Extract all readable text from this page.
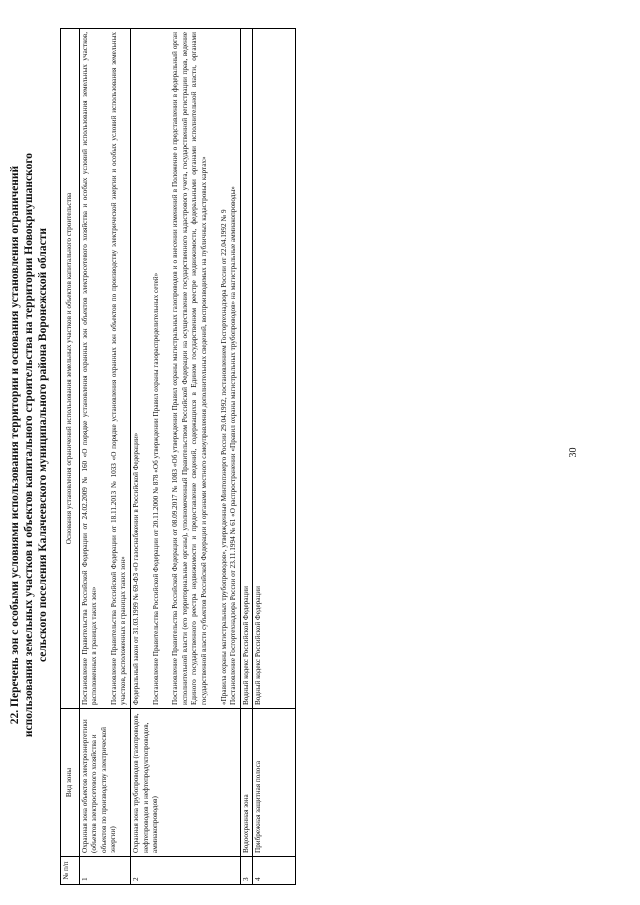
30
22. Перечень зон с особыми условиями использования территории и основания установления ограничений использования земельных участков и объектов капитального строительства на территории Новокриушанского сельского поселения Калачеевского муниципального района Воронежской области
№ п/п	Вид зоны	Основания установления ограничений использования земельных участков и объектов капитального строительства
1	Охранная зона объектов электроэнергетики (объектов электросетевого хозяйства и объектов по производству электрической энергии)	Постановление Правительства Российской Федерации от 24.02.2009 № 160 «О порядке установления охранных зон объектов электросетевого хозяйства и особых условий использования земельных участков, расположенных в границах таких зон» Постановление Правительства Российской Федерации от 18.11.2013 № 1033 «О порядке установления охранных зон объектов по производству электрической энергии и особых условий использования земельных участков, расположенных в границах таких зон»

2	Охранная зона трубопроводов (газопроводов, нефтепроводов и нефтепродуктопроводов, аммиакопроводов)	Федеральный закон от 31.03.1999 № 69-ФЗ «О газоснабжении в Российской Федерации» Постановление Правительства Российской Федерации от 20.11.2000 № 878 «Об утверждении Правил охраны газораспределительных сетей» Постановление Правительства Российской Федерации от 08.09.2017 № 1083 «Об утверждении Правил охраны магистральных газопроводов и о внесении изменений в Положение о представлении в федеральный орган исполнительной власти (его территориальные органы), уполномоченный Правительством Российской Федерации на осуществление государственного кадастрового учета, государственной регистрации прав, ведение Единого государственного реестра недвижимости и предоставление сведений, содержащихся в Едином государственном реестре недвижимости, федеральными органами исполнительной власти, органами государственной власти субъектов Российской Федерации и органами местного самоуправления дополнительных сведений, воспроизводимых на публичных кадастровых картах» «Правила охраны магистральных трубопроводов», утвержденные Минтопэнерго России 29.04.1992, постановлением Госгортехнадзора России от 22.04.1992 № 9 Постановление Госгортехнадзора России от 23.11.1994 № 61 «О распространении «Правил охраны магистральных трубопроводов» на магистральные аммиакопроводы»

3	Водоохранная зона	Водный кодекс Российской Федерации

4	Прибрежная защитная полоса	Водный кодекс Российской Федерации
